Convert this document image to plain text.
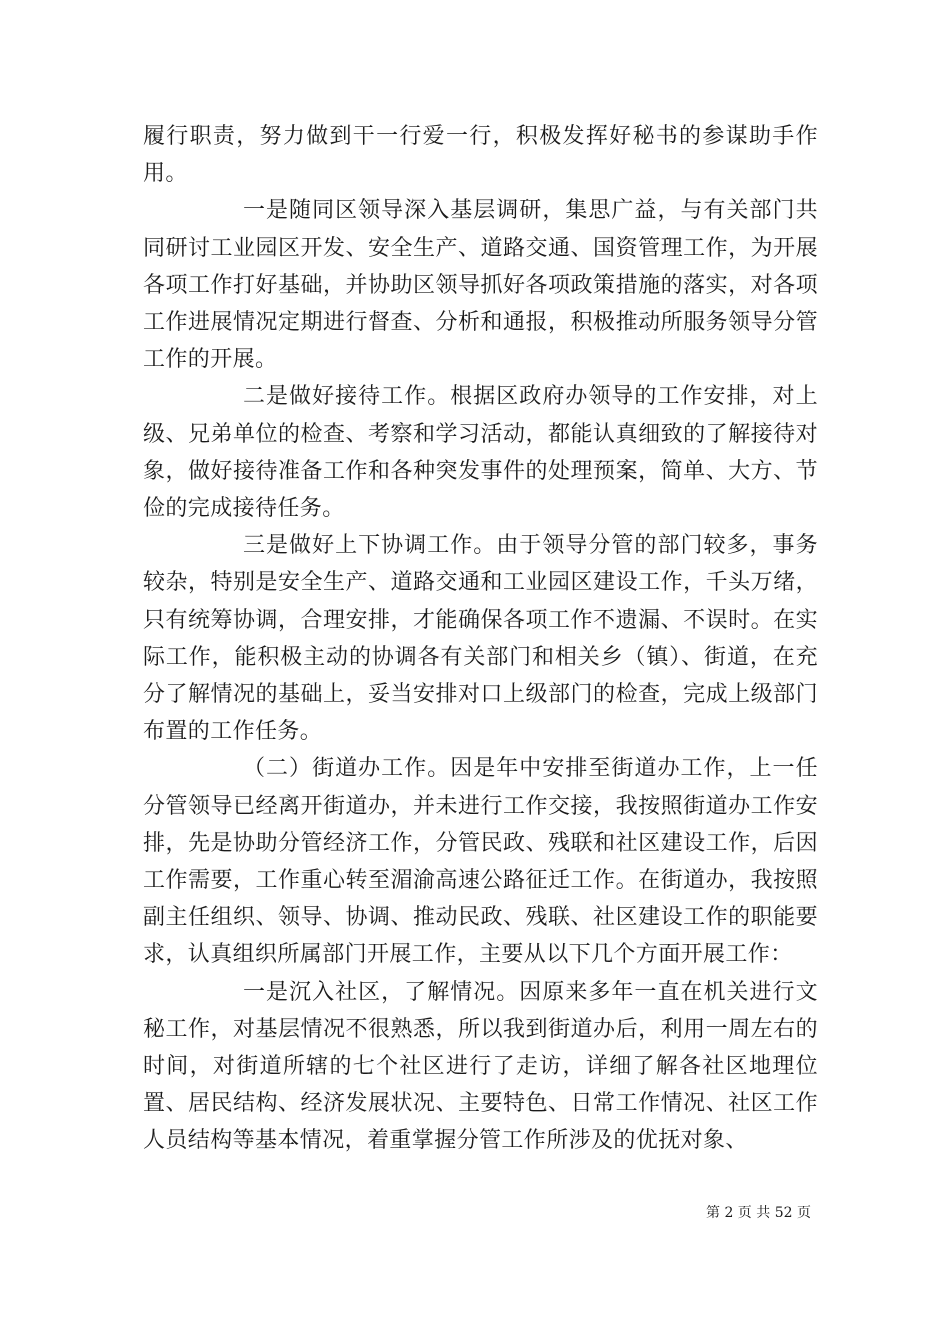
履行职责，努力做到干一行爱一行，积极发挥好秘书的参谋助手作用。

一是随同区领导深入基层调研，集思广益，与有关部门共同研讨工业园区开发、安全生产、道路交通、国资管理工作，为开展各项工作打好基础，并协助区领导抓好各项政策措施的落实，对各项工作进展情况定期进行督查、分析和通报，积极推动所服务领导分管工作的开展。

二是做好接待工作。根据区政府办领导的工作安排，对上级、兄弟单位的检查、考察和学习活动，都能认真细致的了解接待对象，做好接待准备工作和各种突发事件的处理预案，简单、大方、节俭的完成接待任务。

三是做好上下协调工作。由于领导分管的部门较多，事务较杂，特别是安全生产、道路交通和工业园区建设工作，千头万绪，只有统筹协调，合理安排，才能确保各项工作不遗漏、不误时。在实际工作，能积极主动的协调各有关部门和相关乡（镇）、街道，在充分了解情况的基础上，妥当安排对口上级部门的检查，完成上级部门布置的工作任务。

（二）街道办工作。因是年中安排至街道办工作，上一任分管领导已经离开街道办，并未进行工作交接，我按照街道办工作安排，先是协助分管经济工作，分管民政、残联和社区建设工作，后因工作需要，工作重心转至湄渝高速公路征迁工作。在街道办，我按照副主任组织、领导、协调、推动民政、残联、社区建设工作的职能要求，认真组织所属部门开展工作，主要从以下几个方面开展工作：

一是沉入社区，了解情况。因原来多年一直在机关进行文秘工作，对基层情况不很熟悉，所以我到街道办后，利用一周左右的时间，对街道所辖的七个社区进行了走访，详细了解各社区地理位置、居民结构、经济发展状况、主要特色、日常工作情况、社区工作人员结构等基本情况，着重掌握分管工作所涉及的优抚对象、

第 2 页 共 52 页
